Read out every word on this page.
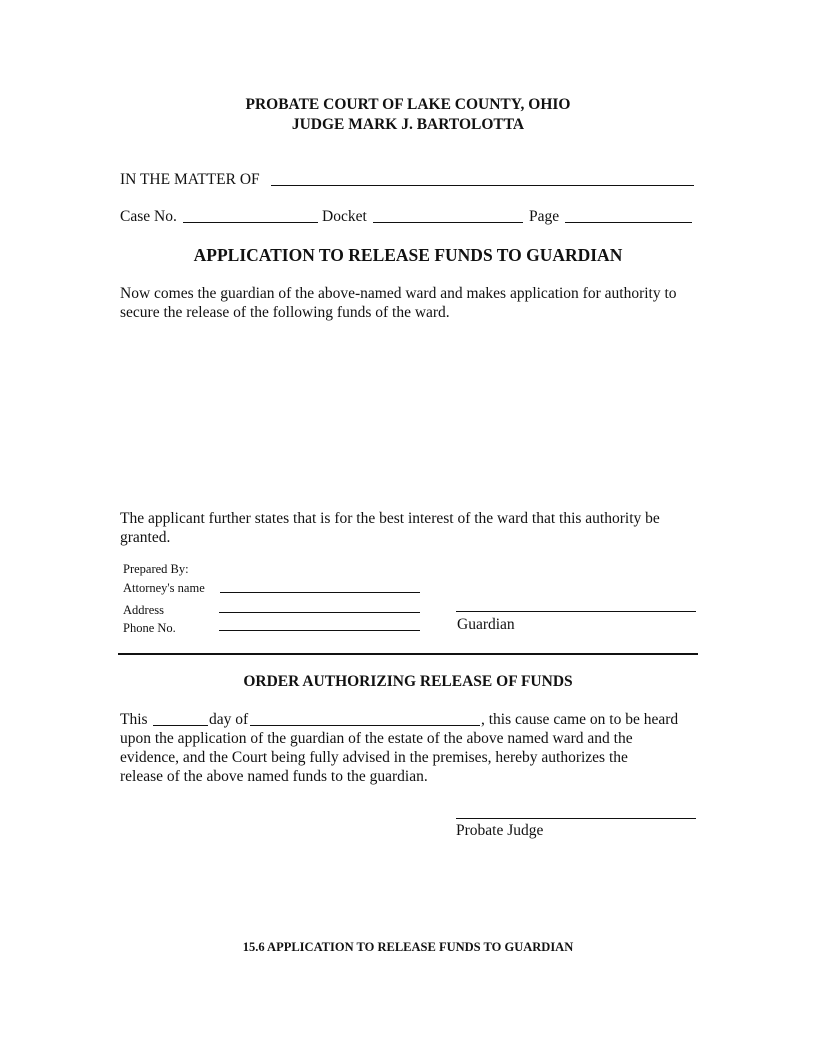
PROBATE COURT OF LAKE COUNTY, OHIO
JUDGE MARK J. BARTOLOTTA
IN THE MATTER OF
Case No.	Docket	Page
APPLICATION TO RELEASE FUNDS TO GUARDIAN
Now comes the guardian of the above-named ward and makes application for authority to
secure the release of the following funds of the ward.
The applicant further states that is for the best interest of the ward that this authority be
granted.
Prepared By:
Attorney's name
Address
Phone No.	Guardian
ORDER AUTHORIZING RELEASE OF FUNDS
This	day of	, this cause came on to be heard
upon the application of the guardian of the estate of the above named ward and the
evidence, and the Court being fully advised in the premises, hereby authorizes the
release of the above named funds to the guardian.
Probate Judge
15.6 APPLICATION TO RELEASE FUNDS TO GUARDIAN
